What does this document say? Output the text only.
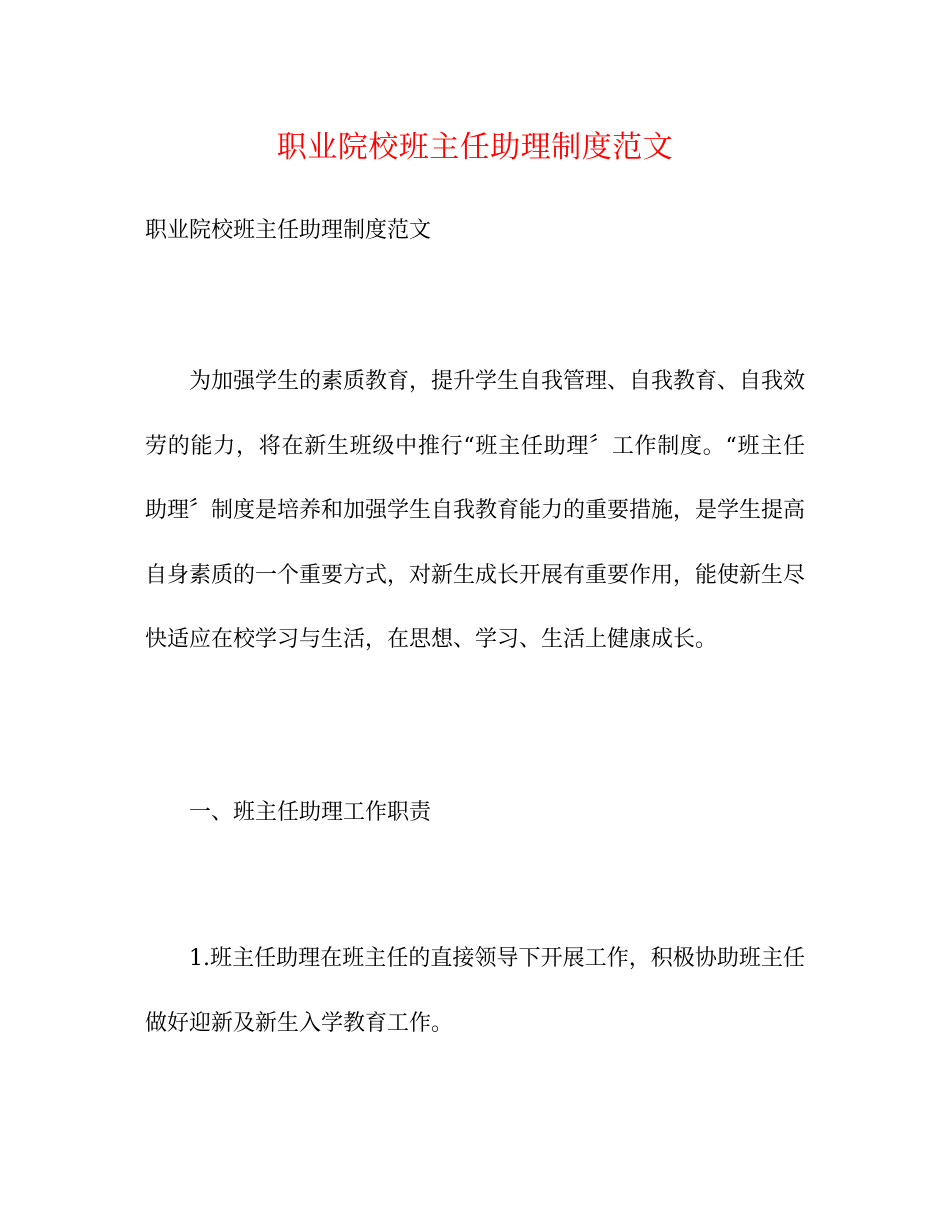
职业院校班主任助理制度范文

职业院校班主任助理制度范文

为加强学生的素质教育，提升学生自我管理、自我教育、自我效劳的能力，将在新生班级中推行“班主任助理〞工作制度。“班主任助理〞制度是培养和加强学生自我教育能力的重要措施，是学生提高自身素质的一个重要方式，对新生成长开展有重要作用，能使新生尽快适应在校学习与生活，在思想、学习、生活上健康成长。

一、班主任助理工作职责

1.班主任助理在班主任的直接领导下开展工作，积极协助班主任做好迎新及新生入学教育工作。
